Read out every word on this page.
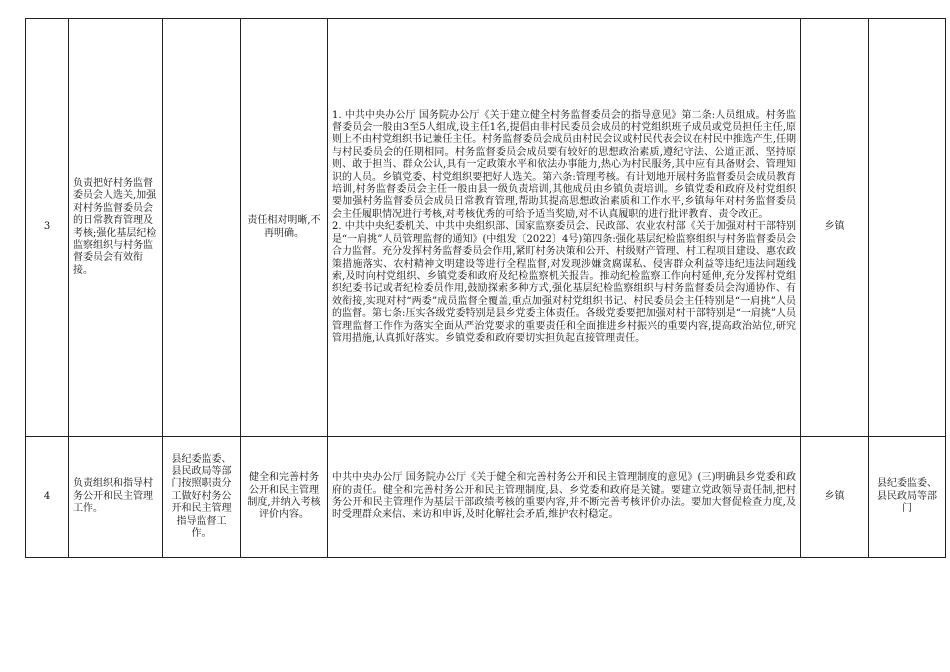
3	负责把好村务监督委员会人选关,加强对村务监督委员会的日常教育管理及考核;强化基层纪检监察组织与村务监督委员会有效衔接。		责任相对明晰,不再明确。	1. 中共中央办公厅 国务院办公厅《关于建立健全村务监督委员会的指导意见》第二条:人员组成。村务监督委员会一般由3至5人组成,设主任1名,提倡由非村民委员会成员的村党组织班子成员或党员担任主任,原则上不由村党组织书记兼任主任。村务监督委员会成员由村民会议或村民代表会议在村民中推选产生,任期与村民委员会的任期相同。村务监督委员会成员要有较好的思想政治素质,遵纪守法、公道正派、坚持原则、敢于担当、群众公认,具有一定政策水平和依法办事能力,热心为村民服务,其中应有具备财会、管理知识的人员。乡镇党委、村党组织要把好人选关。第六条:管理考核。有计划地开展村务监督委员会成员教育培训,村务监督委员会主任一般由县一级负责培训,其他成员由乡镇负责培训。乡镇党委和政府及村党组织要加强村务监督委员会成员日常教育管理,帮助其提高思想政治素质和工作水平,乡镇每年对村务监督委员会主任履职情况进行考核,对考核优秀的可给予适当奖励,对不认真履职的进行批评教育、责令改正。
2. 中共中央纪委机关、中共中央组织部、国家监察委员会、民政部、农业农村部《关于加强对村干部特别是“一肩挑”人员管理监督的通知》(中组发〔2022〕4号)第四条:强化基层纪检监察组织与村务监督委员会合力监督。充分发挥村务监督委员会作用,紧盯村务决策和公开、村级财产管理、村工程项目建设、惠农政策措施落实、农村精神文明建设等进行全程监督,对发现涉嫌贪腐谋私、侵害群众利益等违纪违法问题线索,及时向村党组织、乡镇党委和政府及纪检监察机关报告。推动纪检监察工作向村延伸,充分发挥村党组织纪委书记或者纪检委员作用,鼓励探索多种方式,强化基层纪检监察组织与村务监督委员会沟通协作、有效衔接,实现对村“两委”成员监督全覆盖,重点加强对村党组织书记、村民委员会主任特别是“一肩挑”人员的监督。第七条:压实各级党委特别是县乡党委主体责任。各级党委要把加强对村干部特别是“一肩挑”人员管理监督工作作为落实全面从严治党要求的重要责任和全面推进乡村振兴的重要内容,提高政治站位,研究管用措施,认真抓好落实。乡镇党委和政府要切实担负起直接管理责任。	乡镇	
4	负责组织和指导村务公开和民主管理工作。	县纪委监委、县民政局等部门按照职责分工做好村务公开和民主管理指导监督工作。	健全和完善村务公开和民主管理制度,并纳入考核评价内容。	中共中央办公厅 国务院办公厅《关于健全和完善村务公开和民主管理制度的意见》(三)明确县乡党委和政府的责任。健全和完善村务公开和民主管理制度,县、乡党委和政府是关键。要建立党政领导责任制,把村务公开和民主管理作为基层干部政绩考核的重要内容,并不断完善考核评价办法。要加大督促检查力度,及时受理群众来信、来访和申诉,及时化解社会矛盾,维护农村稳定。	乡镇	县纪委监委、县民政局等部门
